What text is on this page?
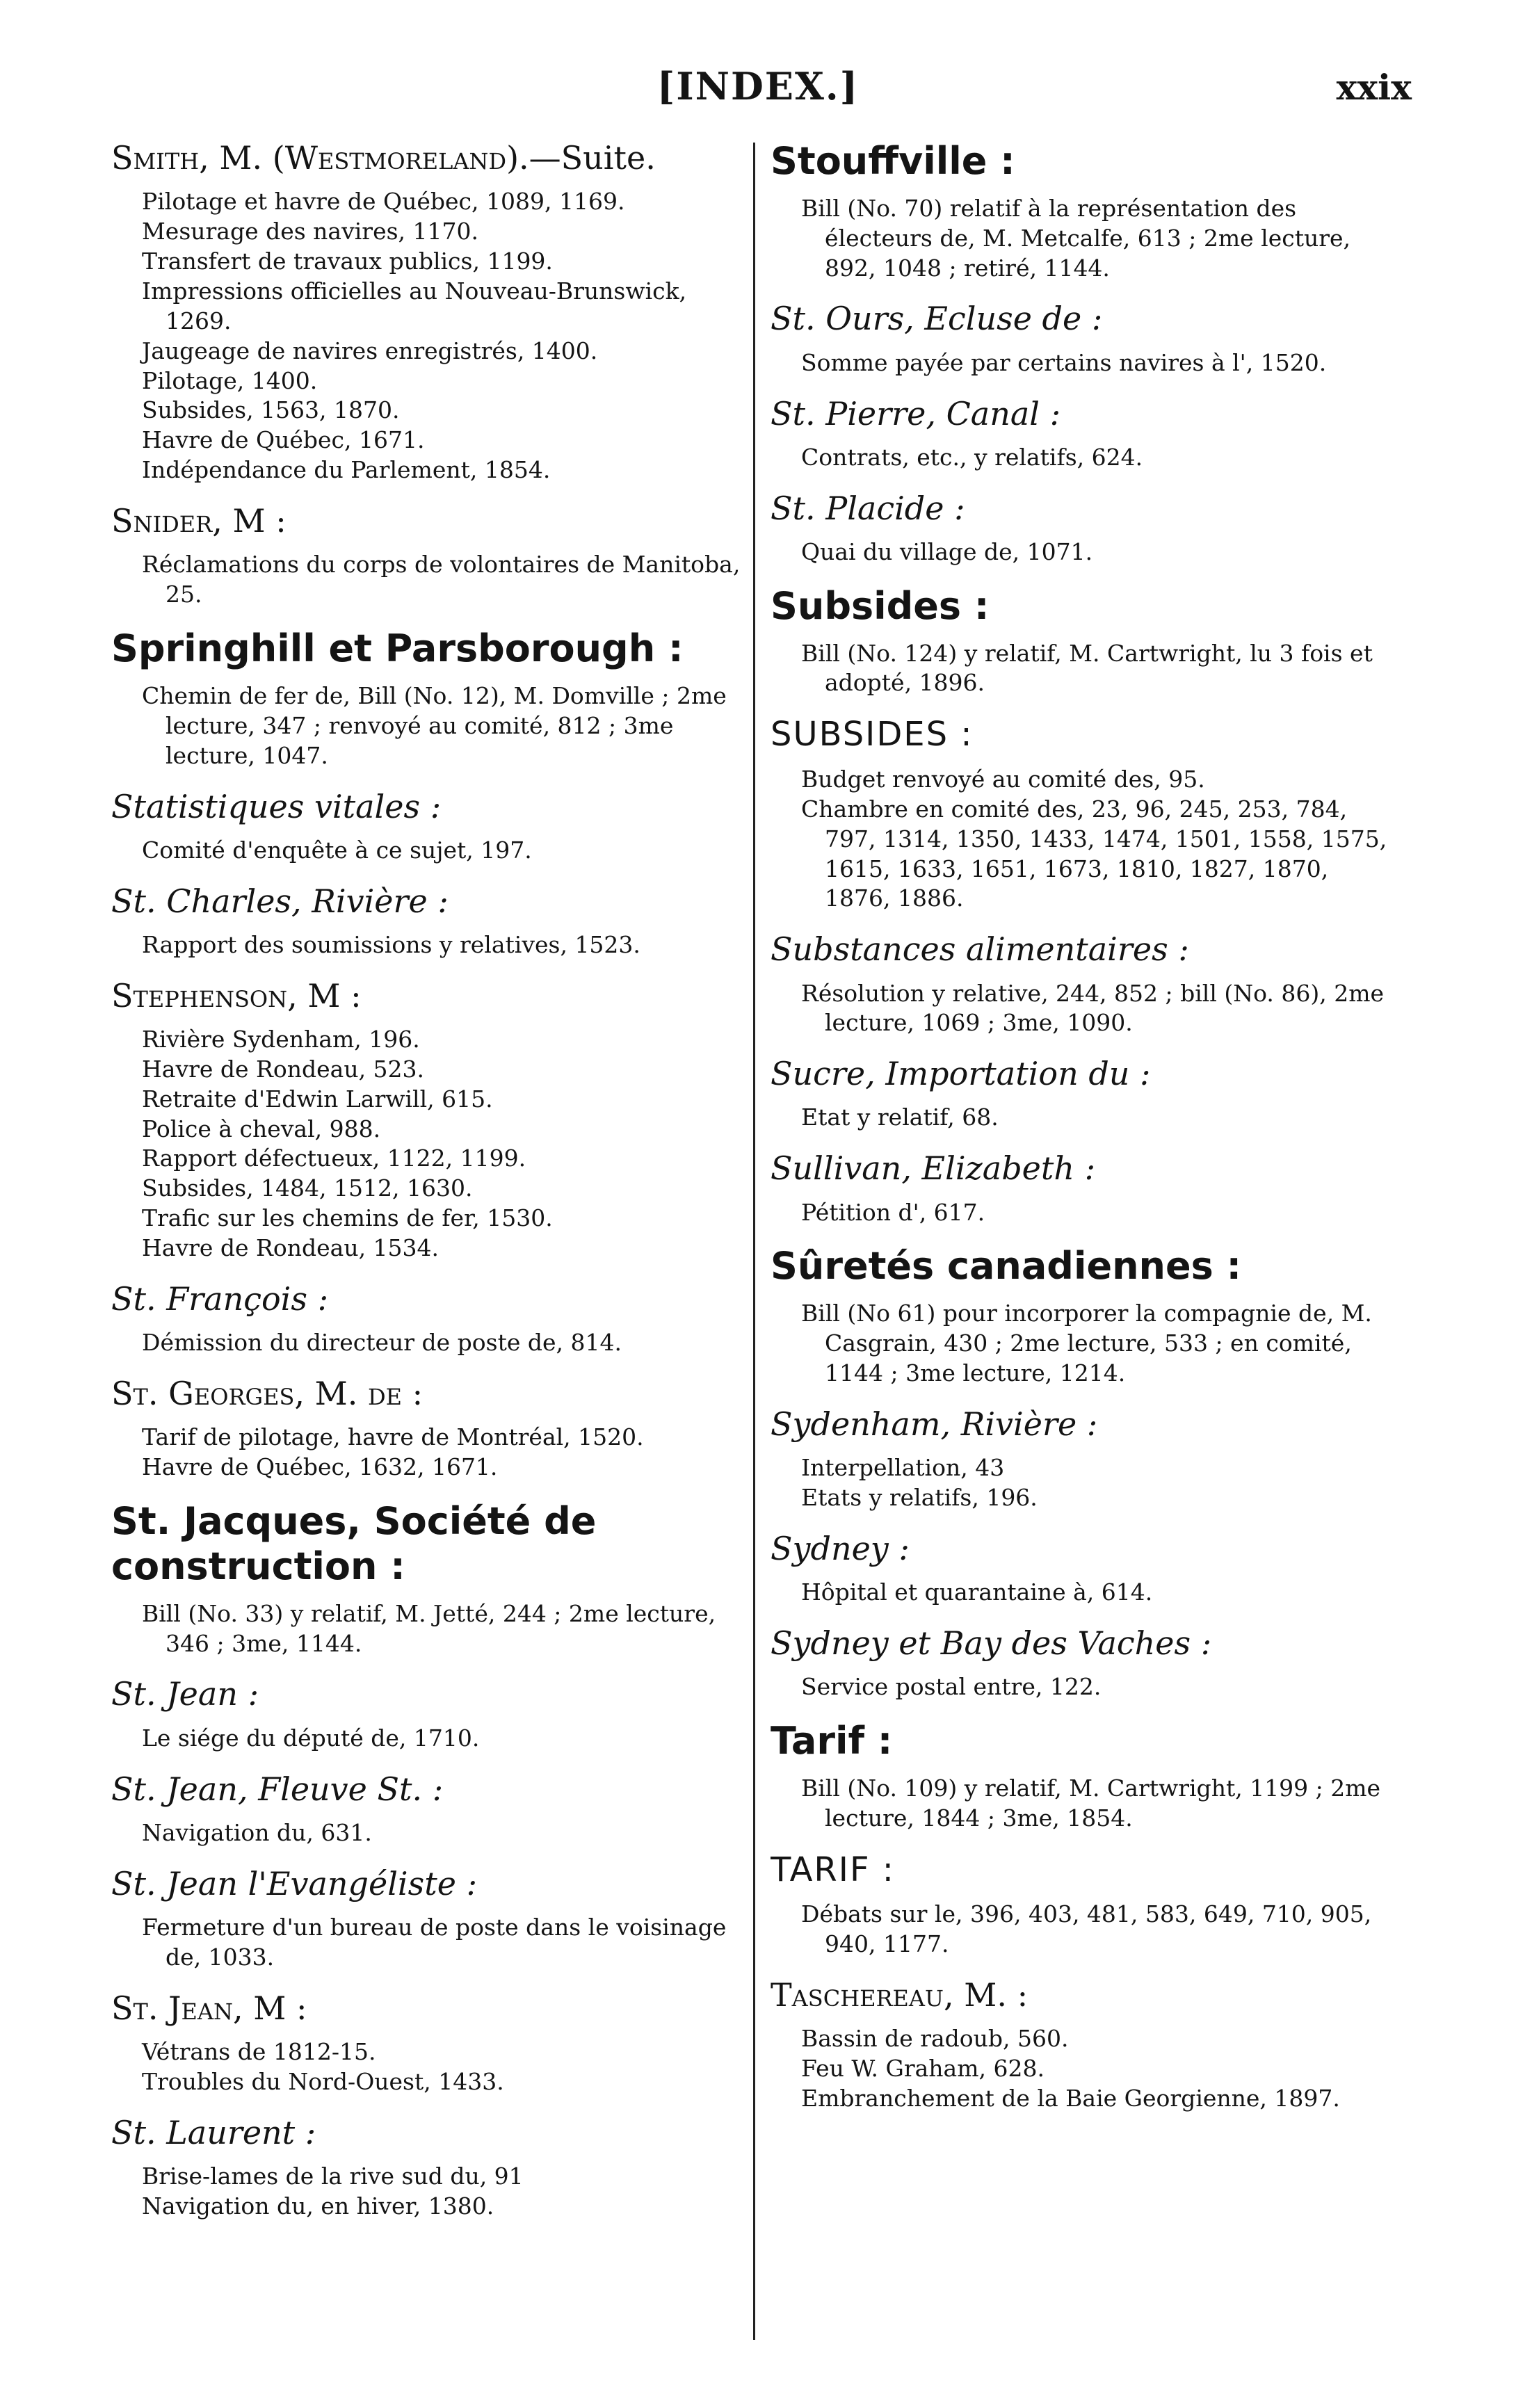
[INDEX.]	xxix
Smith, M. (Westmoreland).—Suite.
Pilotage et havre de Québec, 1089, 1169.
Mesurage des navires, 1170.
Transfert de travaux publics, 1199.
Impressions officielles au Nouveau-Brunswick, 1269.
Jaugeage de navires enregistrés, 1400.
Pilotage, 1400.
Subsides, 1563, 1870.
Havre de Québec, 1671.
Indépendance du Parlement, 1854.
Snider, M :
Réclamations du corps de volontaires de Manitoba, 25.
Springhill et Parsborough :
Chemin de fer de, Bill (No. 12), M. Domville ; 2me lecture, 347 ; renvoyé au comité, 812 ; 3me lecture, 1047.
Statistiques vitales :
Comité d'enquête à ce sujet, 197.
St. Charles, Rivière :
Rapport des soumissions y relatives, 1523.
Stephenson, M :
Rivière Sydenham, 196.
Havre de Rondeau, 523.
Retraite d'Edwin Larwill, 615.
Police à cheval, 988.
Rapport défectueux, 1122, 1199.
Subsides, 1484, 1512, 1630.
Trafic sur les chemins de fer, 1530.
Havre de Rondeau, 1534.
St. François :
Démission du directeur de poste de, 814.
St. Georges, M. de :
Tarif de pilotage, havre de Montréal, 1520.
Havre de Québec, 1632, 1671.
St. Jacques, Société de construction :
Bill (No. 33) y relatif, M. Jetté, 244 ; 2me lecture, 346 ; 3me, 1144.
St. Jean :
Le siége du député de, 1710.
St. Jean, Fleuve St. :
Navigation du, 631.
St. Jean l'Evangéliste :
Fermeture d'un bureau de poste dans le voisinage de, 1033.
St. Jean, M :
Vétrans de 1812-15.
Troubles du Nord-Ouest, 1433.
St. Laurent :
Brise-lames de la rive sud du, 91
Navigation du, en hiver, 1380.
Stouffville :
Bill (No. 70) relatif à la représentation des électeurs de, M. Metcalfe, 613 ; 2me lecture, 892, 1048 ; retiré, 1144.
St. Ours, Ecluse de :
Somme payée par certains navires à l', 1520.
St. Pierre, Canal :
Contrats, etc., y relatifs, 624.
St. Placide :
Quai du village de, 1071.
Subsides :
Bill (No. 124) y relatif, M. Cartwright, lu 3 fois et adopté, 1896.
SUBSIDES :
Budget renvoyé au comité des, 95.
Chambre en comité des, 23, 96, 245, 253, 784, 797, 1314, 1350, 1433, 1474, 1501, 1558, 1575, 1615, 1633, 1651, 1673, 1810, 1827, 1870, 1876, 1886.
Substances alimentaires :
Résolution y relative, 244, 852 ; bill (No. 86), 2me lecture, 1069 ; 3me, 1090.
Sucre, Importation du :
Etat y relatif, 68.
Sullivan, Elizabeth :
Pétition d', 617.
Sûretés canadiennes :
Bill (No 61) pour incorporer la compagnie de, M. Casgrain, 430 ; 2me lecture, 533 ; en comité, 1144 ; 3me lecture, 1214.
Sydenham, Rivière :
Interpellation, 43
Etats y relatifs, 196.
Sydney :
Hôpital et quarantaine à, 614.
Sydney et Bay des Vaches :
Service postal entre, 122.
Tarif :
Bill (No. 109) y relatif, M. Cartwright, 1199 ; 2me lecture, 1844 ; 3me, 1854.
TARIF :
Débats sur le, 396, 403, 481, 583, 649, 710, 905, 940, 1177.
Taschereau, M. :
Bassin de radoub, 560.
Feu W. Graham, 628.
Embranchement de la Baie Georgienne, 1897.
